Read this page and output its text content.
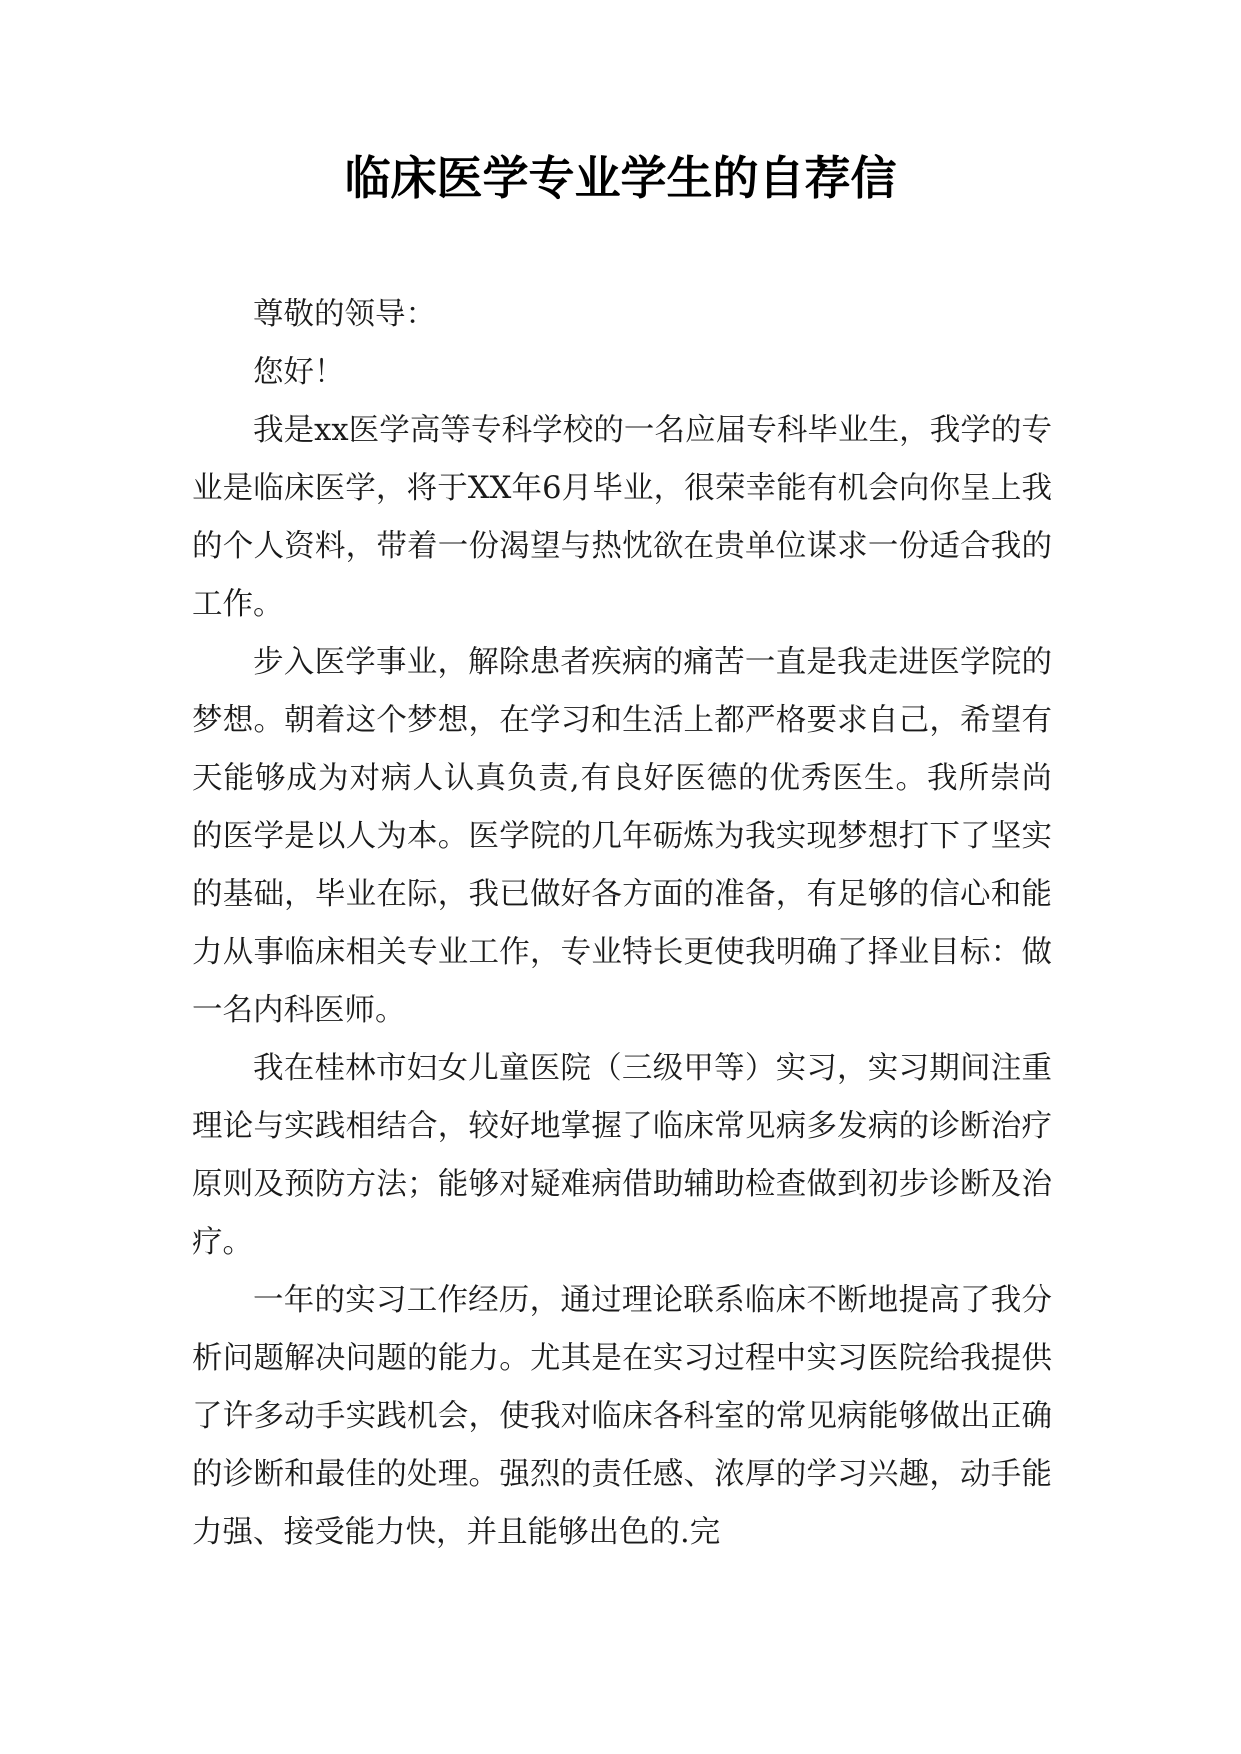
临床医学专业学生的自荐信

尊敬的领导：

您好！

我是xx医学高等专科学校的一名应届专科毕业生，我学的专业是临床医学，将于XX年6月毕业，很荣幸能有机会向你呈上我的个人资料，带着一份渴望与热忱欲在贵单位谋求一份适合我的工作。

步入医学事业，解除患者疾病的痛苦一直是我走进医学院的梦想。朝着这个梦想，在学习和生活上都严格要求自己，希望有天能够成为对病人认真负责,有良好医德的优秀医生。我所崇尚的医学是以人为本。医学院的几年砺炼为我实现梦想打下了坚实的基础，毕业在际，我已做好各方面的准备，有足够的信心和能力从事临床相关专业工作，专业特长更使我明确了择业目标：做一名内科医师。

我在桂林市妇女儿童医院（三级甲等）实习，实习期间注重理论与实践相结合，较好地掌握了临床常见病多发病的诊断治疗原则及预防方法；能够对疑难病借助辅助检查做到初步诊断及治疗。

一年的实习工作经历，通过理论联系临床不断地提高了我分析问题解决问题的能力。尤其是在实习过程中实习医院给我提供了许多动手实践机会，使我对临床各科室的常见病能够做出正确的诊断和最佳的处理。强烈的责任感、浓厚的学习兴趣，动手能力强、接受能力快，并且能够出色的.完
